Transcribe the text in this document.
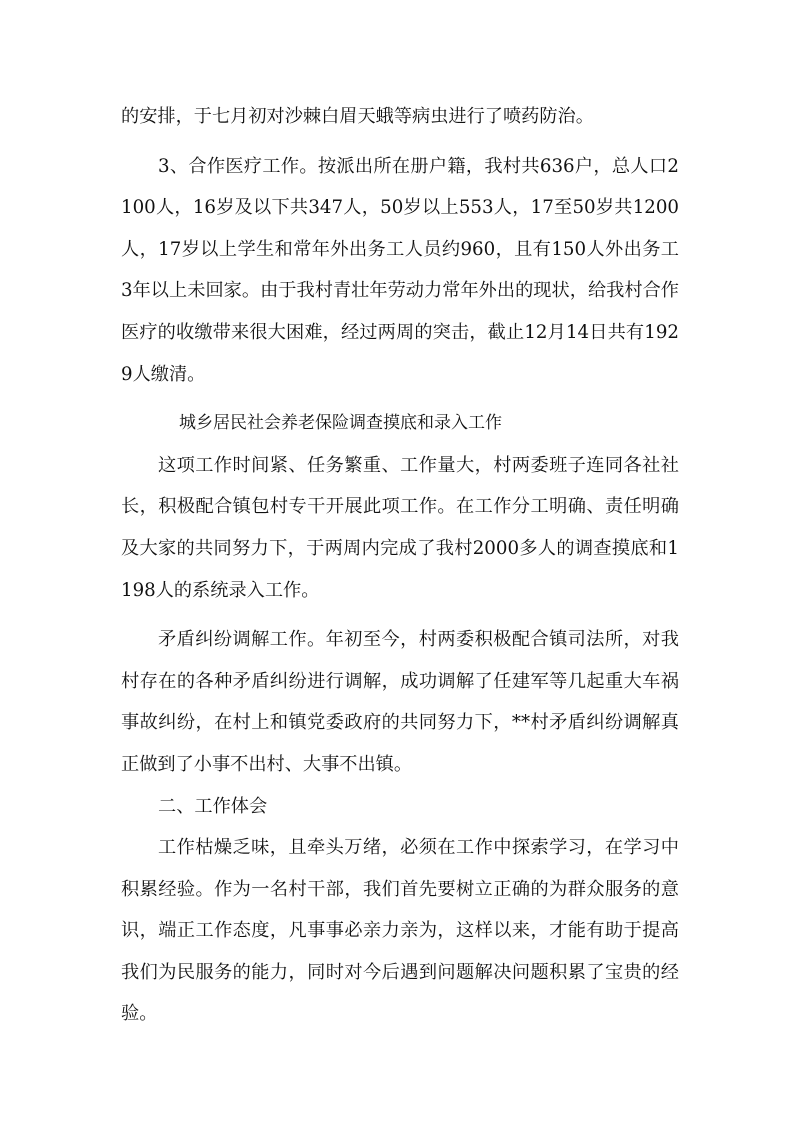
的安排，于七月初对沙棘白眉天蛾等病虫进行了喷药防治。

3、合作医疗工作。按派出所在册户籍，我村共636户，总人口2100人，16岁及以下共347人，50岁以上553人，17至50岁共1200人，17岁以上学生和常年外出务工人员约960，且有150人外出务工3年以上未回家。由于我村青壮年劳动力常年外出的现状，给我村合作医疗的收缴带来很大困难，经过两周的突击，截止12月14日共有1929人缴清。

城乡居民社会养老保险调查摸底和录入工作

这项工作时间紧、任务繁重、工作量大，村两委班子连同各社社长，积极配合镇包村专干开展此项工作。在工作分工明确、责任明确及大家的共同努力下，于两周内完成了我村2000多人的调查摸底和1198人的系统录入工作。

矛盾纠纷调解工作。年初至今，村两委积极配合镇司法所，对我村存在的各种矛盾纠纷进行调解，成功调解了任建军等几起重大车祸事故纠纷，在村上和镇党委政府的共同努力下，**村矛盾纠纷调解真正做到了小事不出村、大事不出镇。

二、工作体会

工作枯燥乏味，且牵头万绪，必须在工作中探索学习，在学习中积累经验。作为一名村干部，我们首先要树立正确的为群众服务的意识，端正工作态度，凡事事必亲力亲为，这样以来，才能有助于提高我们为民服务的能力，同时对今后遇到问题解决问题积累了宝贵的经验。
